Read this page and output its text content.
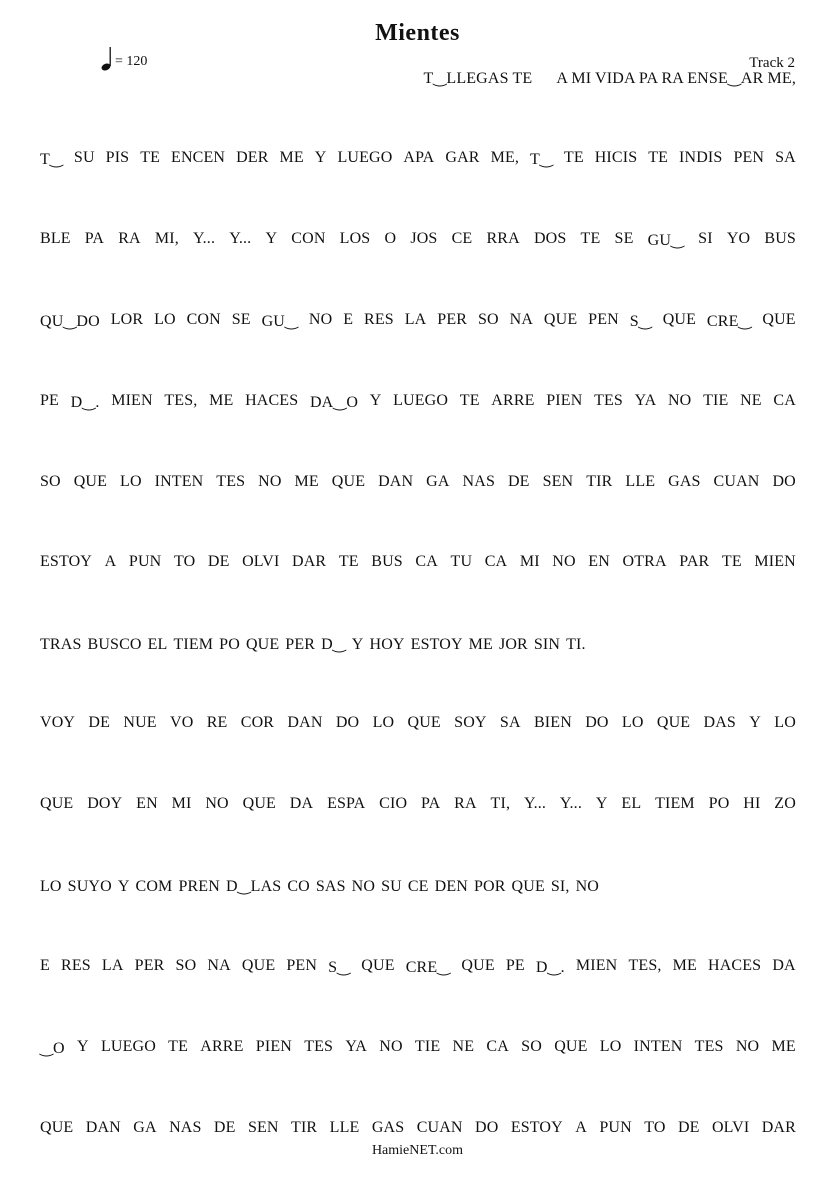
Mientes
= 120	Track 2
T‿LLEGAS TE      A MI VIDA PA RA ENSE‿AR ME,
T‿ SU PIS TE ENCEN DER ME Y LUEGO APA GAR ME, T‿ TE HICIS TE INDIS PEN SA
BLE PA RA MI, Y... Y... Y CON LOS O JOS CE RRA DOS TE SE GU‿ SI YO BUS
QU‿DO LOR LO CON SE GU‿ NO E RES LA PER SO NA QUE PEN S‿ QUE CRE‿ QUE
PE D‿. MIEN TES, ME HACES DA‿O Y LUEGO TE ARRE PIEN TES YA NO TIE NE CA
SO QUE LO INTEN TES NO ME QUE DAN GA NAS DE SEN TIR LLE GAS CUAN DO
ESTOY A PUN TO DE OLVI DAR TE BUS CA TU CA MI NO EN OTRA PAR TE MIEN
TRAS BUSCO EL TIEM PO QUE PER D‿ Y HOY ESTOY ME JOR SIN TI.
VOY DE NUE VO RE COR DAN DO LO QUE SOY SA BIEN DO LO QUE DAS Y LO
QUE DOY EN MI NO QUE DA ESPA CIO PA RA TI, Y... Y... Y EL TIEM PO HI ZO
LO SUYO Y COM PREN D‿LAS CO SAS NO SU CE DEN POR QUE SI, NO
E RES LA PER SO NA QUE PEN S‿ QUE CRE‿ QUE PE D‿. MIEN TES, ME HACES DA
‿O Y LUEGO TE ARRE PIEN TES YA NO TIE NE CA SO QUE LO INTEN TES NO ME
QUE DAN GA NAS DE SEN TIR LLE GAS CUAN DO ESTOY A PUN TO DE OLVI DAR
HamieNET.com
